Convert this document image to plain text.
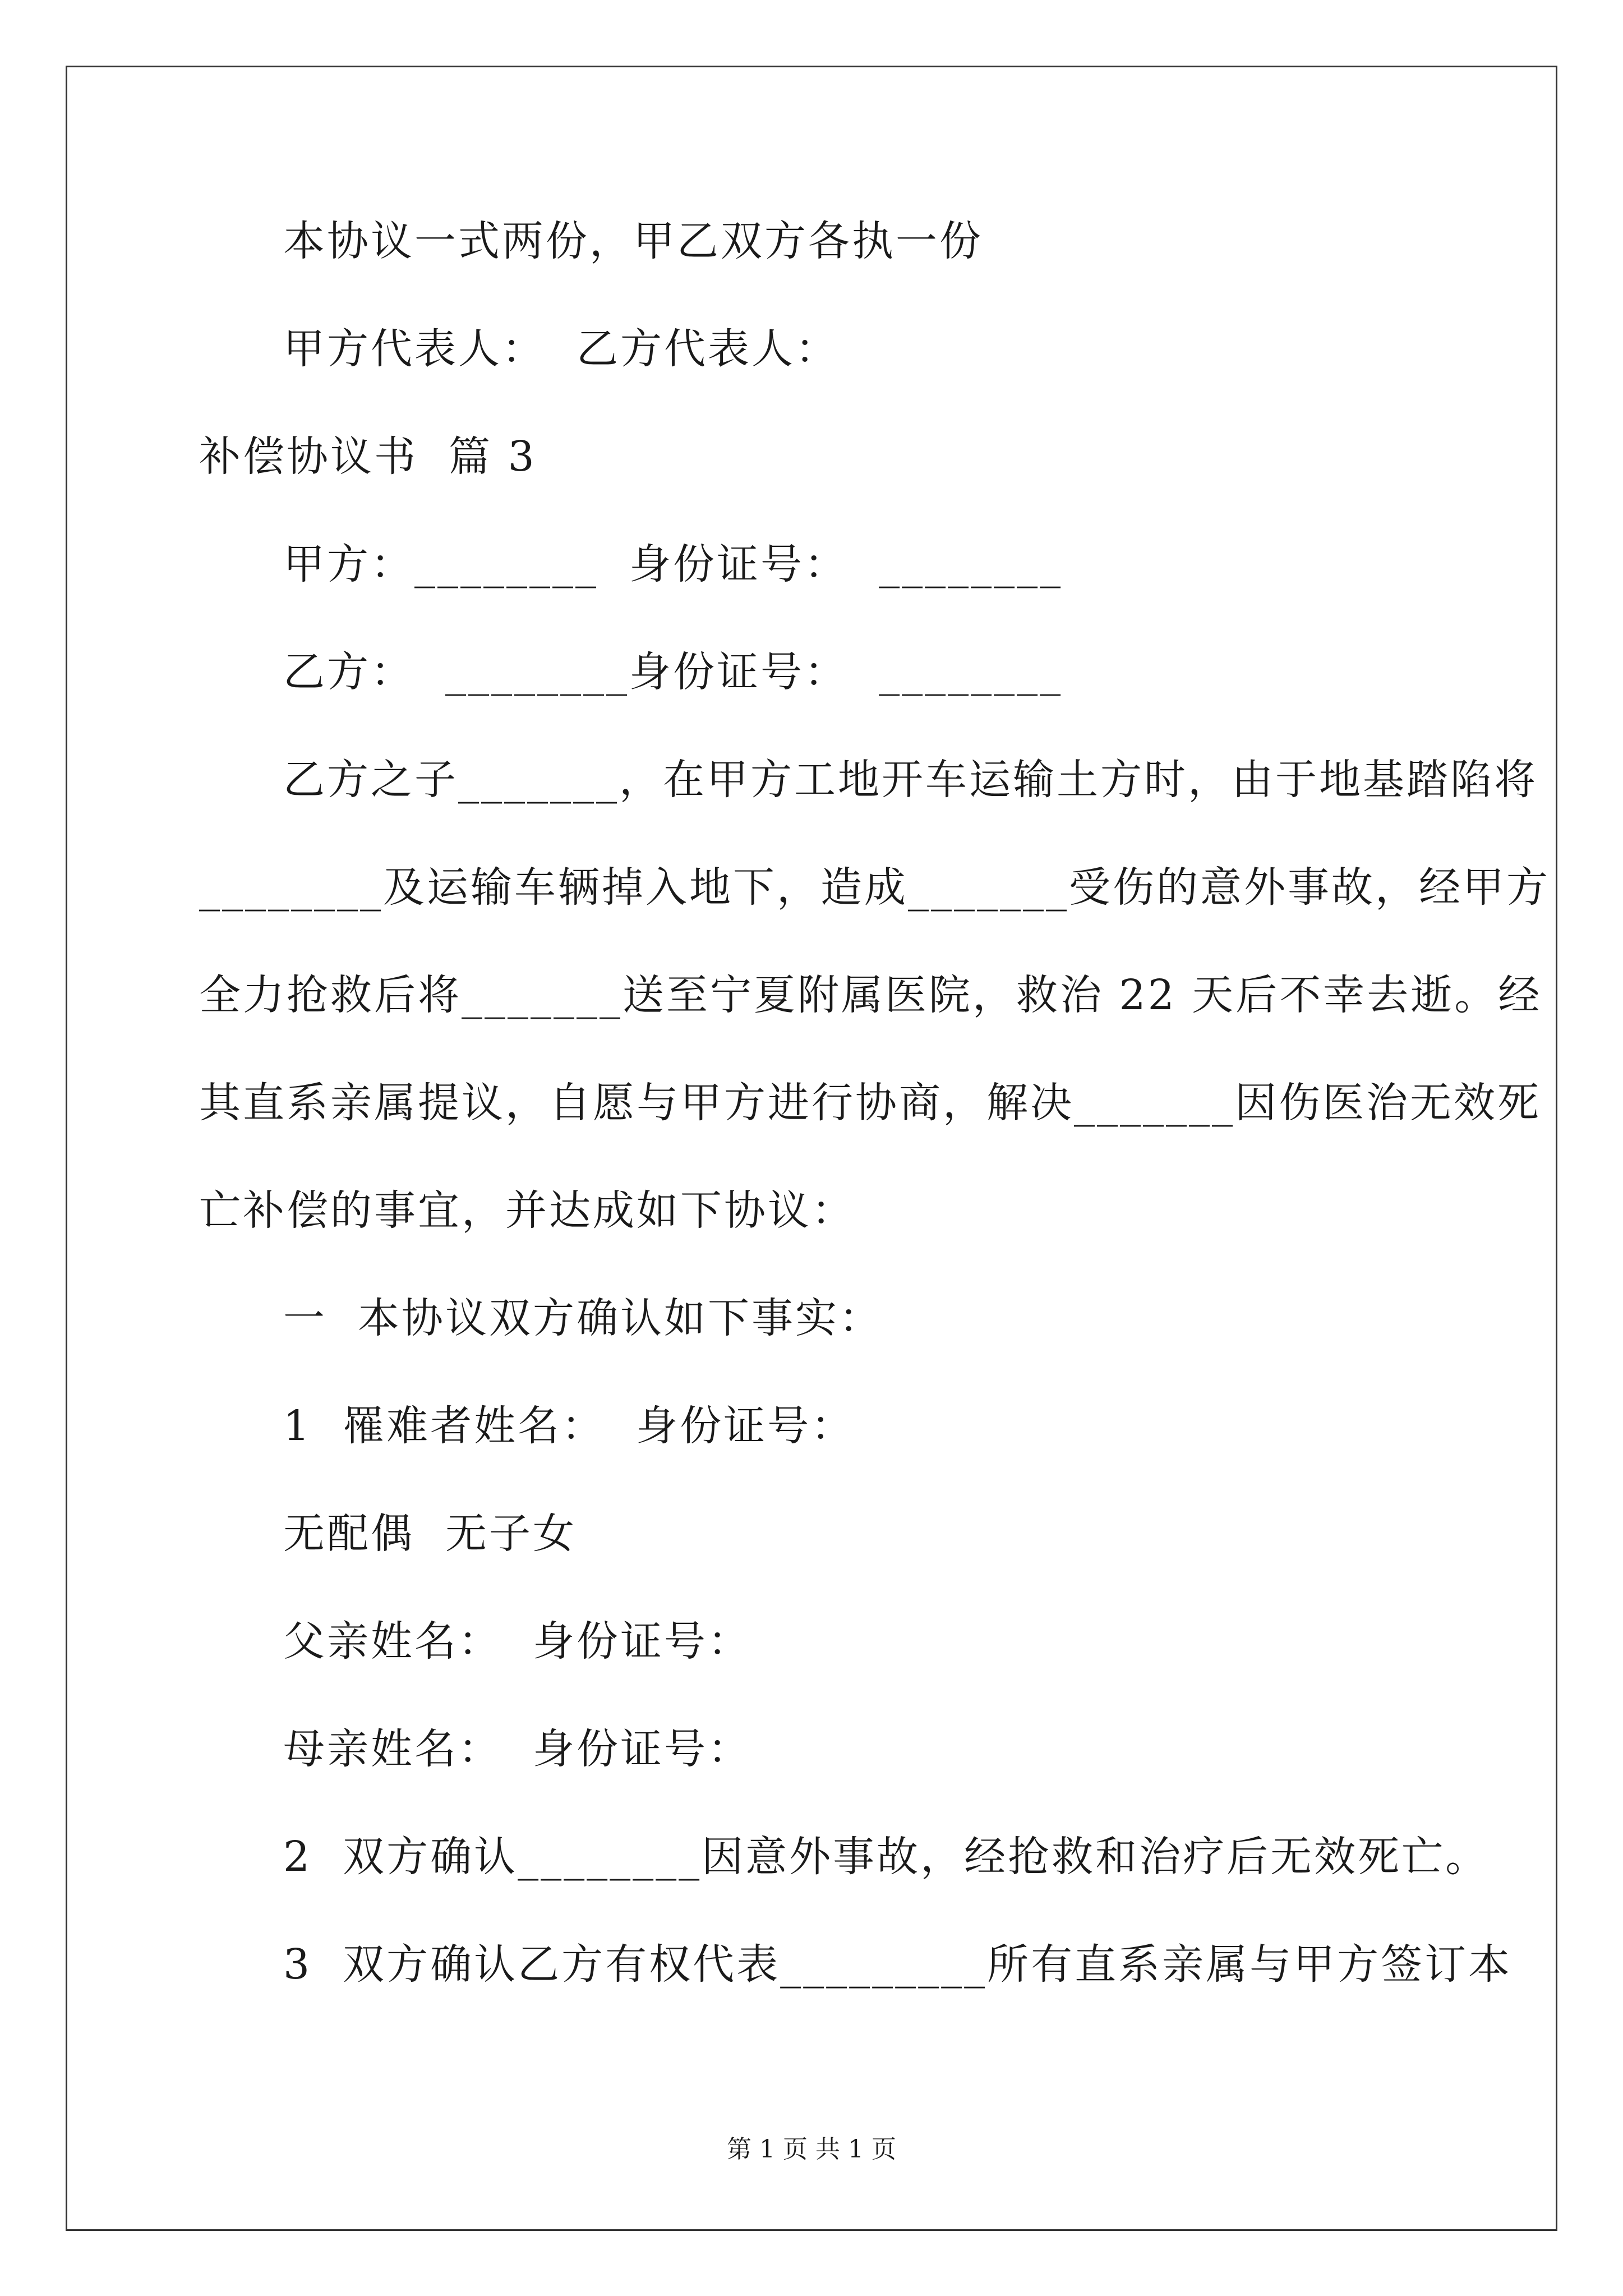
本协议一式两份，甲乙双方各执一份
甲方代表人：  乙方代表人：
补偿协议书  篇 3
甲方：________  身份证号：  ________
乙方：  ________身份证号：  ________
乙方之子_______，在甲方工地开车运输土方时，由于地基踏陷将
________及运输车辆掉入地下，造成_______受伤的意外事故，经甲方
全力抢救后将_______送至宁夏附属医院，救治 22 天后不幸去逝。经
其直系亲属提议，自愿与甲方进行协商，解决_______因伤医治无效死
亡补偿的事宜，并达成如下协议：
一  本协议双方确认如下事实：
1  罹难者姓名：  身份证号：
无配偶  无子女
父亲姓名：  身份证号：
母亲姓名：  身份证号：
2  双方确认________因意外事故，经抢救和治疗后无效死亡。
3  双方确认乙方有权代表_________所有直系亲属与甲方签订本
第 1 页 共 1 页
